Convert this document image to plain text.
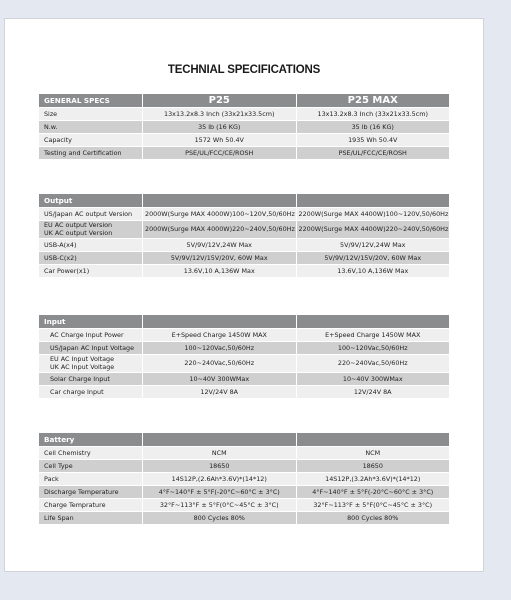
TECHNIAL SPECIFICATIONS
GENERAL SPECS	P25	P25 MAX
Size	13x13.2x8.3 Inch (33x21x33.5cm)	13x13.2x8.3 Inch (33x21x33.5cm)
N.w.	35 lb (16 KG)	35 lb (16 KG)
Capacity	1572 Wh 50.4V	1935 Wh 50.4V
Testing and Certification	PSE/UL/FCC/CE/ROSH	PSE/UL/FCC/CE/ROSH
Output		
US/Japan AC output Version	2000W(Surge MAX 4000W)100~120V,50/60Hz	2200W(Surge MAX 4400W)100~120V,50/60Hz
EU AC output Version
UK AC output Version	2000W(Surge MAX 4000W)220~240V,50/60Hz	2200W(Surge MAX 4400W)220~240V,50/60Hz
USB-A(x4)	5V/9V/12V,24W Max	5V/9V/12V,24W Max
USB-C(x2)	5V/9V/12V/15V/20V, 60W Max	5V/9V/12V/15V/20V, 60W Max
Car Power(x1)	13.6V,10 A,136W Max	13.6V,10 A,136W Max
Input		
AC Charge Input Power	E+Speed Charge 1450W MAX	E+Speed Charge 1450W MAX
US/Japan AC Input Voltage	100~120Vac,50/60Hz	100~120Vac,50/60Hz
EU AC Input Voltage
UK AC Input Voltage	220~240Vac,50/60Hz	220~240Vac,50/60Hz
Solar Charge Input	10~40V 300WMax	10~40V 300WMax
Car charge Input	12V/24V 8A	12V/24V 8A
Battery		
Cell Chemistry	NCM	NCM
Cell Type	18650	18650
Pack	14S12P,(2.6Ah*3.6V)*(14*12)	14S12P,(3.2Ah*3.6V)*(14*12)
Discharge Temperature	4°F~140°F ± 5°F(-20°C~60°C ± 3°C)	4°F~140°F ± 5°F(-20°C~60°C ± 3°C)
Charge Temprature	32°F~113°F ± 5°F(0°C~45°C ± 3°C)	32°F~113°F ± 5°F(0°C~45°C ± 3°C)
Life Span	800 Cycles 80%	800 Cycles 80%
